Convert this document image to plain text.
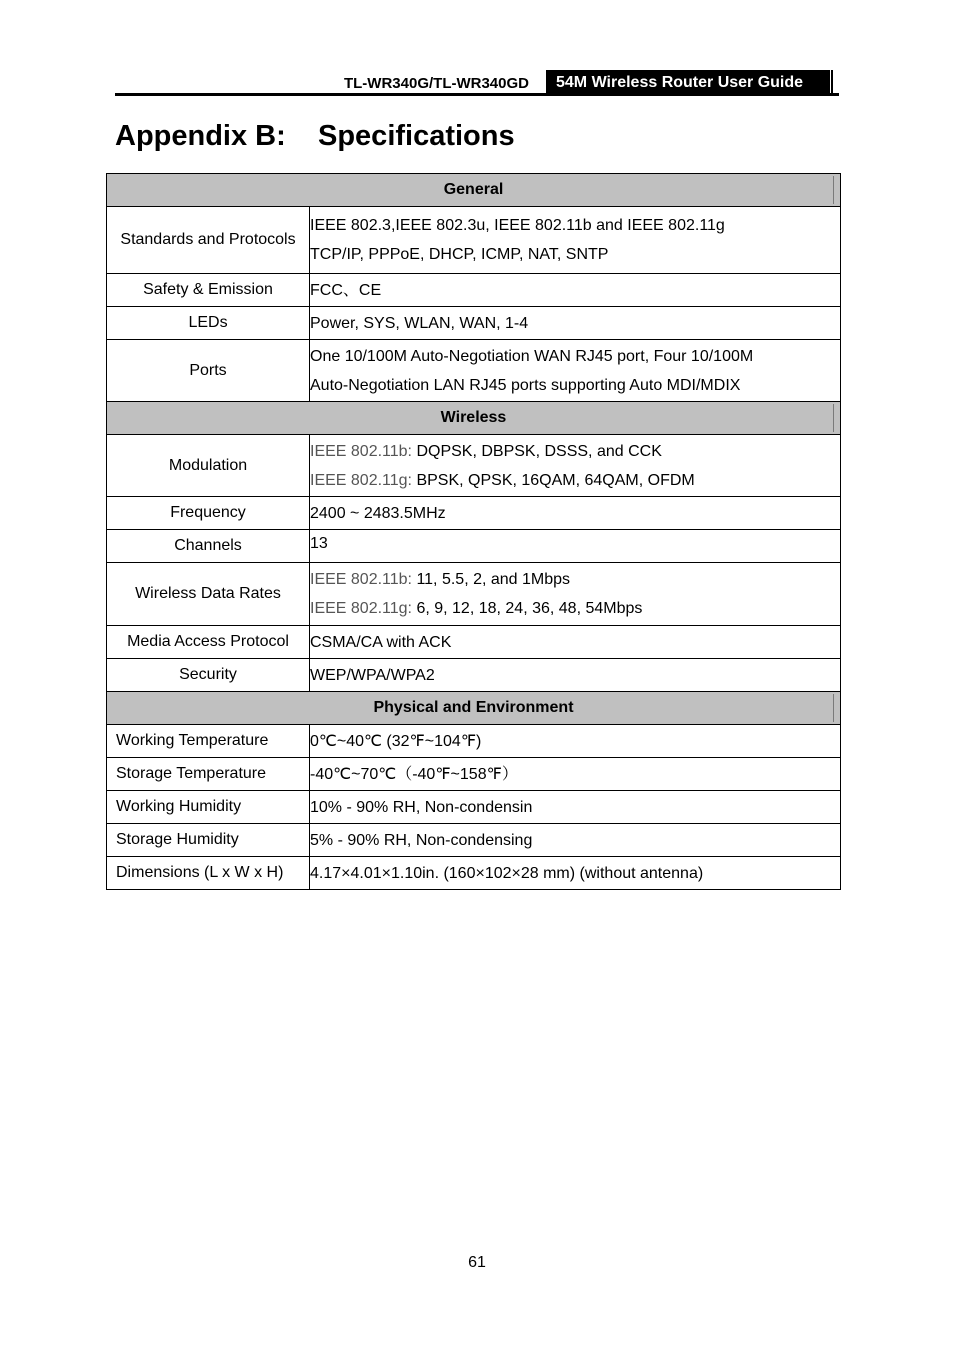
TL-WR340G/TL-WR340GD	54M Wireless Router User Guide
Appendix B:    Specifications
General	

Standards and Protocols	IEEE 802.3,IEEE 802.3u, IEEE 802.11b and IEEE 802.11g
TCP/IP, PPPoE, DHCP, ICMP, NAT, SNTP

Safety & Emission	FCC、CE
LEDs	Power, SYS, WLAN, WAN, 1-4
Ports	One 10/100M Auto-Negotiation WAN RJ45 port, Four 10/100M
Auto-Negotiation LAN RJ45 ports supporting Auto MDI/MDIX

Wireless	

Modulation	IEEE 802.11b: DQPSK, DBPSK, DSSS, and CCK
IEEE 802.11g: BPSK, QPSK, 16QAM, 64QAM, OFDM

Frequency	2400 ~ 2483.5MHz
Channels	13
Wireless Data Rates	IEEE 802.11b: 11, 5.5, 2, and 1Mbps
IEEE 802.11g: 6, 9, 12, 18, 24, 36, 48, 54Mbps

Media Access Protocol	CSMA/CA with ACK
Security	WEP/WPA/WPA2
Physical and Environment	

Working Temperature	0℃~40℃ (32℉~104℉)
Storage Temperature	-40℃~70℃（-40℉~158℉）
Working Humidity	10% - 90% RH, Non-condensin
Storage Humidity	5% - 90% RH, Non-condensing
Dimensions (L x W x H)	4.17×4.01×1.10in. (160×102×28 mm) (without antenna)
61
